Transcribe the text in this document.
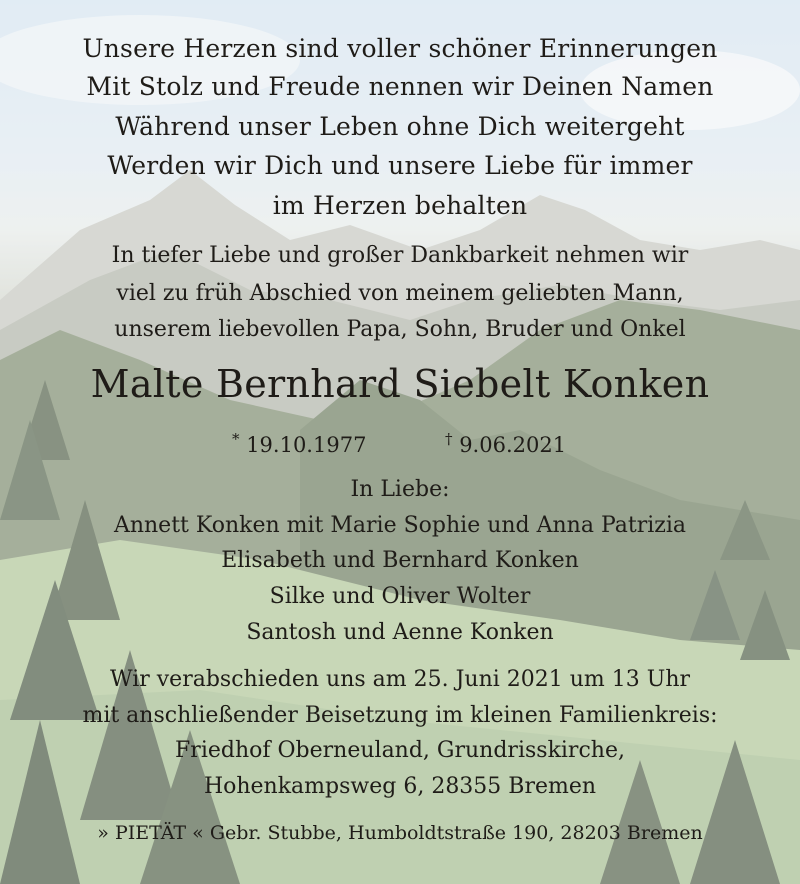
Unsere Herzen sind voller schöner Erinnerungen
Mit Stolz und Freude nennen wir Deinen Namen
Während unser Leben ohne Dich weitergeht
Werden wir Dich und unsere Liebe für immer
im Herzen behalten
In tiefer Liebe und großer Dankbarkeit nehmen wir
viel zu früh Abschied von meinem geliebten Mann,
unserem liebevollen Papa, Sohn, Bruder und Onkel
Malte Bernhard Siebelt Konken
* 19.10.1977	† 9.06.2021
In Liebe:
Annett Konken mit Marie Sophie und Anna Patrizia
Elisabeth und Bernhard Konken
Silke und Oliver Wolter
Santosh und Aenne Konken
Wir verabschieden uns am 25. Juni 2021 um 13 Uhr
mit anschließender Beisetzung im kleinen Familienkreis:
Friedhof Oberneuland, Grundrisskirche,
Hohenkampsweg 6, 28355 Bremen
» PIETÄT « Gebr. Stubbe, Humboldtstraße 190, 28203 Bremen
